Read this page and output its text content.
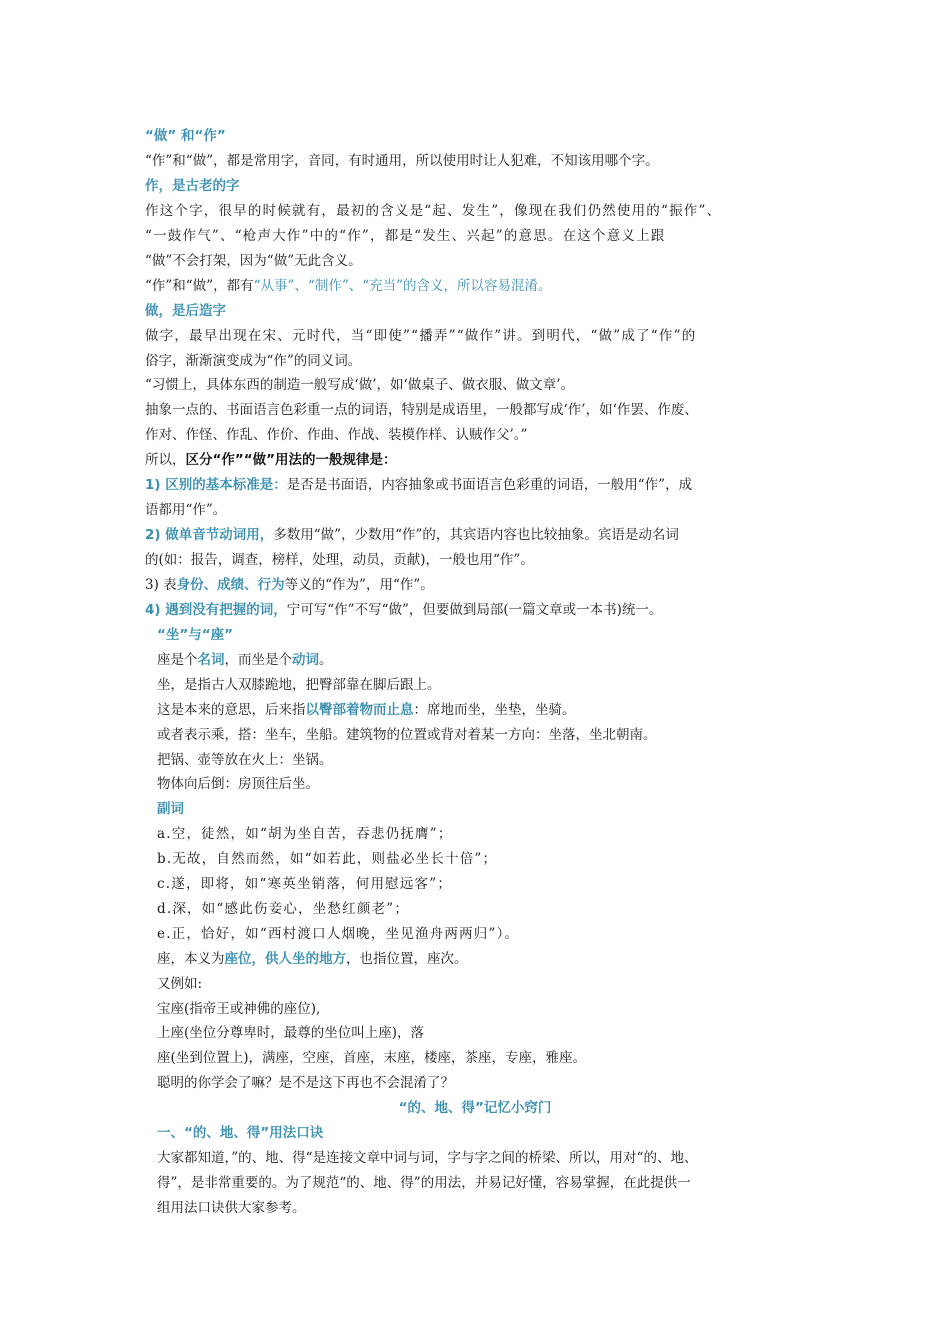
“做” 和“作”
“作”和“做”，都是常用字，音同，有时通用，所以使用时让人犯难，不知该用哪个字。
作，是古老的字
作这个字，很早的时候就有，最初的含义是“起、发生”，像现在我们仍然使用的“振作”、
“一鼓作气”、“枪声大作”中的“作”，都是“发生、兴起”的意思。在这个意义上跟
“做”不会打架，因为“做”无此含义。
“作”和“做”，都有“从事”、“制作”、“充当”的含义，所以容易混淆。
做，是后造字
做字，最早出现在宋、元时代，当“即使”“播弄”“做作”讲。到明代，“做”成了“作”的
俗字，渐渐演变成为“作”的同义词。
“习惯上，具体东西的制造一般写成‘做’，如‘做桌子、做衣服、做文章’。
抽象一点的、书面语言色彩重一点的词语，特别是成语里，一般都写成‘作’，如‘作罢、作废、
作对、作怪、作乱、作价、作曲、作战、装模作样、认贼作父’。”
所以，区分“作”“做”用法的一般规律是：
1) 区别的基本标准是：是否是书面语，内容抽象或书面语言色彩重的词语，一般用“作”，成
语都用“作”。
2) 做单音节动词用，多数用“做”，少数用“作”的，其宾语内容也比较抽象。宾语是动名词
的(如：报告，调查，榜样，处理，动员，贡献)，一般也用“作”。
3) 表身份、成绩、行为等义的“作为”，用“作”。
4) 遇到没有把握的词，宁可写“作”不写“做”，但要做到局部(一篇文章或一本书)统一。
“坐”与“座”
座是个名词，而坐是个动词。
坐，是指古人双膝跪地，把臀部靠在脚后跟上。
这是本来的意思，后来指以臀部着物而止息：席地而坐，坐垫，坐骑。
或者表示乘，搭：坐车，坐船。建筑物的位置或背对着某一方向：坐落，坐北朝南。
把锅、壶等放在火上：坐锅。
物体向后倒：房顶往后坐。
副词
a.空，徒然，如“胡为坐自苦，吞悲仍抚膺”；
b.无故，自然而然，如“如若此，则盐必坐长十倍”；
c.遂，即将，如“寒英坐销落，何用慰远客”；
d.深，如“感此伤妾心，坐愁红颜老”；
e.正，恰好，如“西村渡口人烟晚，坐见渔舟两两归”）。
座，本义为座位，供人坐的地方，也指位置，座次。
又例如:
宝座(指帝王或神佛的座位),
上座(坐位分尊卑时，最尊的坐位叫上座)，落
座(坐到位置上)，满座，空座，首座，末座，楼座，茶座，专座，雅座。
聪明的你学会了嘛？是不是这下再也不会混淆了？
“的、地、得”记忆小窍门
一、“的、地、得”用法口诀
大家都知道，”的、地、得“是连接文章中词与词，字与字之间的桥梁、所以，用对“的、地、
得”，是非常重要的。为了规范“的、地、得”的用法，并易记好懂，容易掌握，在此提供一
组用法口诀供大家参考。
